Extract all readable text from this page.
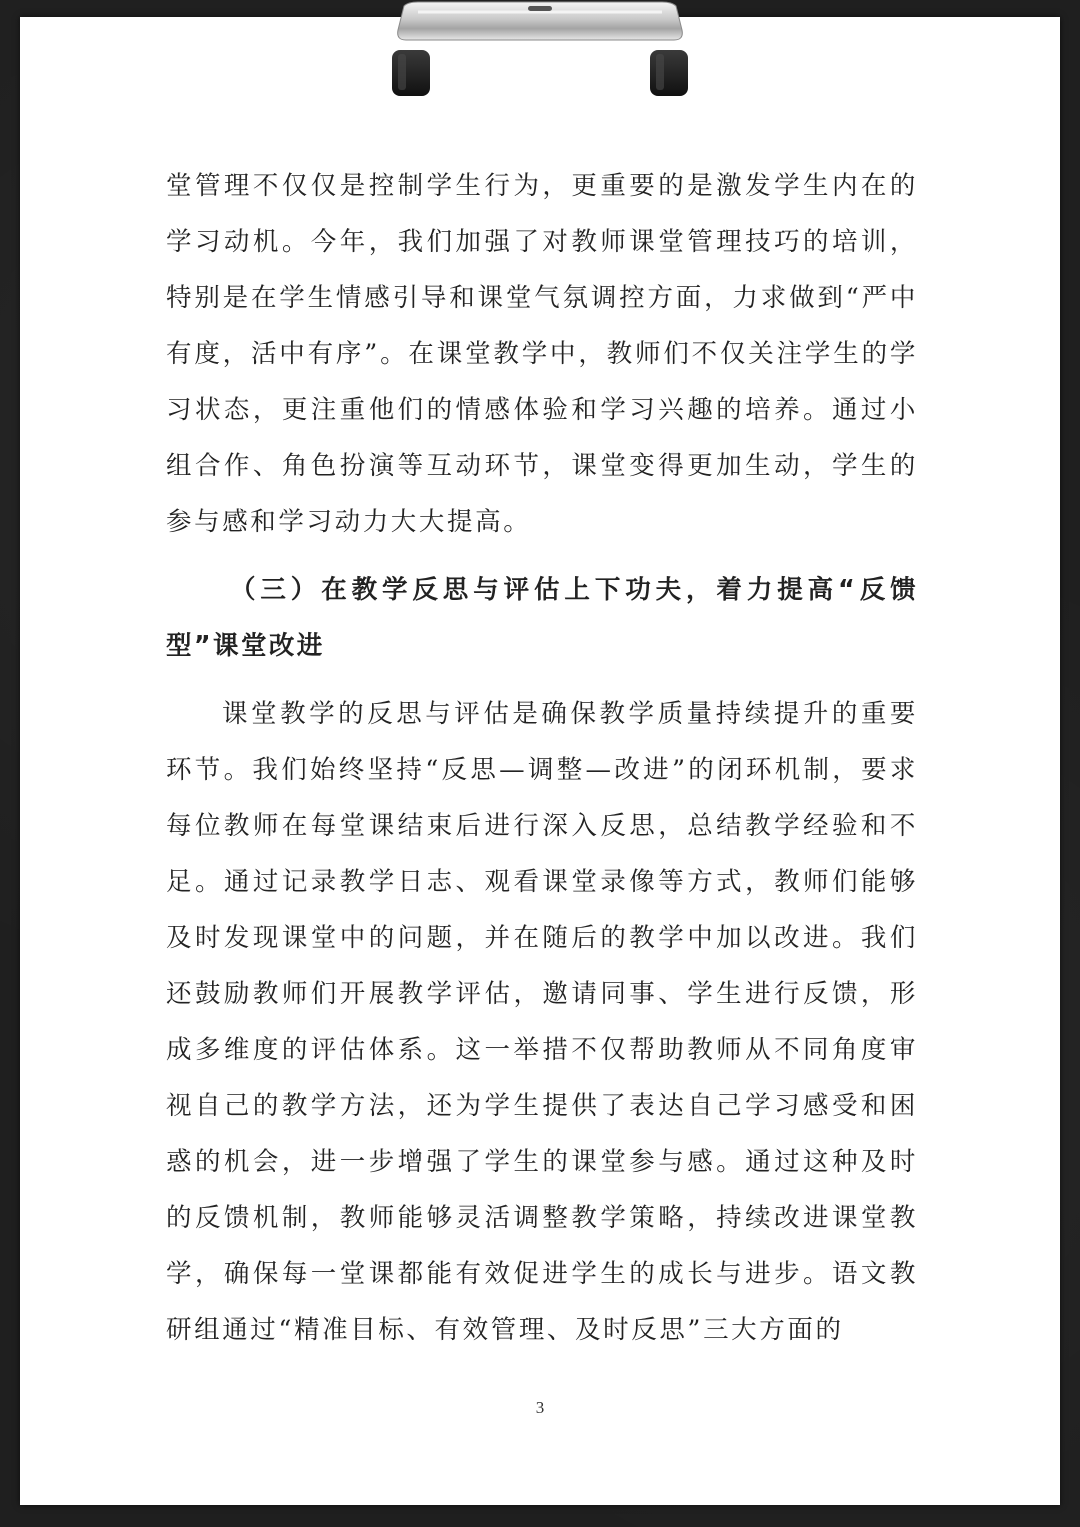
堂管理不仅仅是控制学生行为，更重要的是激发学生内在的学习动机。今年，我们加强了对教师课堂管理技巧的培训，特别是在学生情感引导和课堂气氛调控方面，力求做到“严中有度，活中有序”。在课堂教学中，教师们不仅关注学生的学习状态，更注重他们的情感体验和学习兴趣的培养。通过小组合作、角色扮演等互动环节，课堂变得更加生动，学生的参与感和学习动力大大提高。

（三）在教学反思与评估上下功夫，着力提高“反馈型”课堂改进

课堂教学的反思与评估是确保教学质量持续提升的重要环节。我们始终坚持“反思—调整—改进”的闭环机制，要求每位教师在每堂课结束后进行深入反思，总结教学经验和不足。通过记录教学日志、观看课堂录像等方式，教师们能够及时发现课堂中的问题，并在随后的教学中加以改进。我们还鼓励教师们开展教学评估，邀请同事、学生进行反馈，形成多维度的评估体系。这一举措不仅帮助教师从不同角度审视自己的教学方法，还为学生提供了表达自己学习感受和困惑的机会，进一步增强了学生的课堂参与感。通过这种及时的反馈机制，教师能够灵活调整教学策略，持续改进课堂教学，确保每一堂课都能有效促进学生的成长与进步。语文教研组通过“精准目标、有效管理、及时反思”三大方面的

3
